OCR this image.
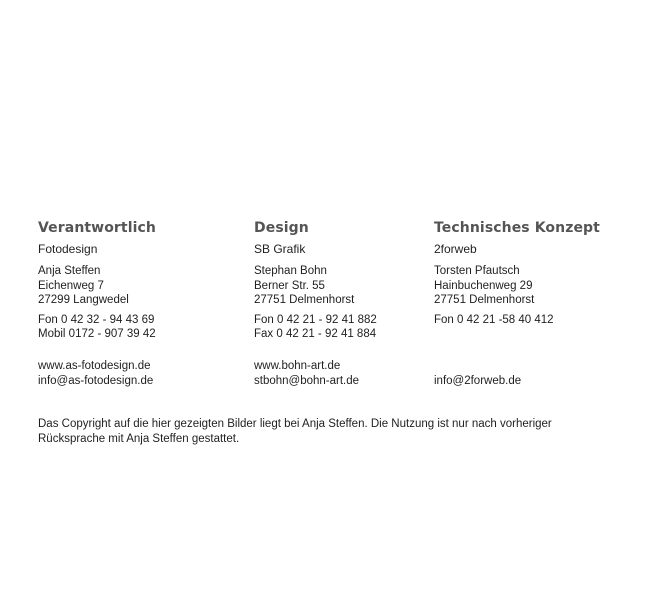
Verantwortlich
Fotodesign
Anja Steffen
Eichenweg 7
27299 Langwedel
Fon 0 42 32 - 94 43 69
Mobil 0172 - 907 39 42
Design
SB Grafik
Stephan Bohn
Berner Str. 55
27751 Delmenhorst
Fon 0 42 21 - 92 41 882
Fax 0 42 21 - 92 41 884
Technisches Konzept
2forweb
Torsten Pfautsch
Hainbuchenweg 29
27751 Delmenhorst
Fon 0 42 21 -58 40 412
www.as-fotodesign.de
info@as-fotodesign.de
www.bohn-art.de
stbohn@bohn-art.de	info@2forweb.de
Das Copyright auf die hier gezeigten Bilder liegt bei Anja Steffen. Die Nutzung ist nur nach vorheriger Rücksprache mit Anja Steffen gestattet.
